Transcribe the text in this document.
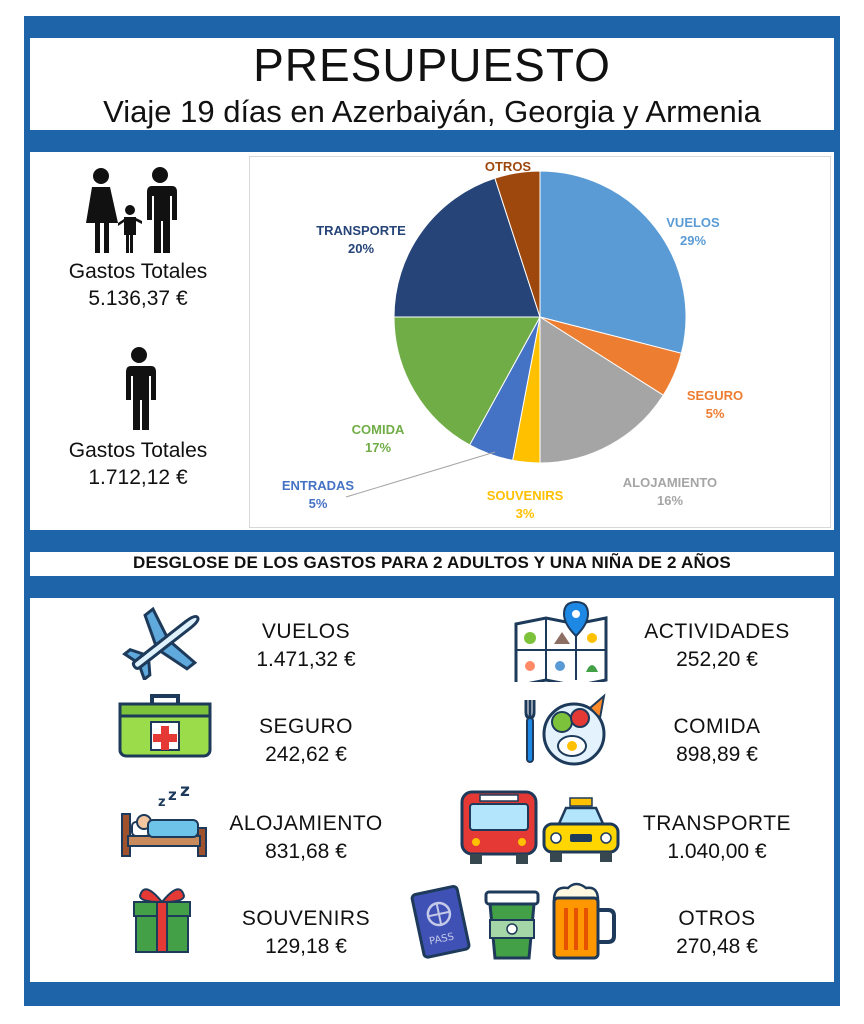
PRESUPUESTO
Viaje 19 días en Azerbaiyán, Georgia y Armenia
Gastos Totales
5.136,37 €
Gastos Totales
1.712,12 €
VUELOS
29%
SEGURO
5%
ALOJAMIENTO
16%
SOUVENIRS
3%
ENTRADAS
5%
COMIDA
17%
TRANSPORTE
20%
OTROS
5%
DESGLOSE DE LOS GASTOS PARA 2 ADULTOS Y UNA NIÑA DE 2 AÑOS
z z z
PASS
VUELOS
1.471,32 €
SEGURO
242,62 €
ALOJAMIENTO
831,68 €
SOUVENIRS
129,18 €
ACTIVIDADES
252,20 €
COMIDA
898,89 €
TRANSPORTE
1.040,00 €
OTROS
270,48 €
